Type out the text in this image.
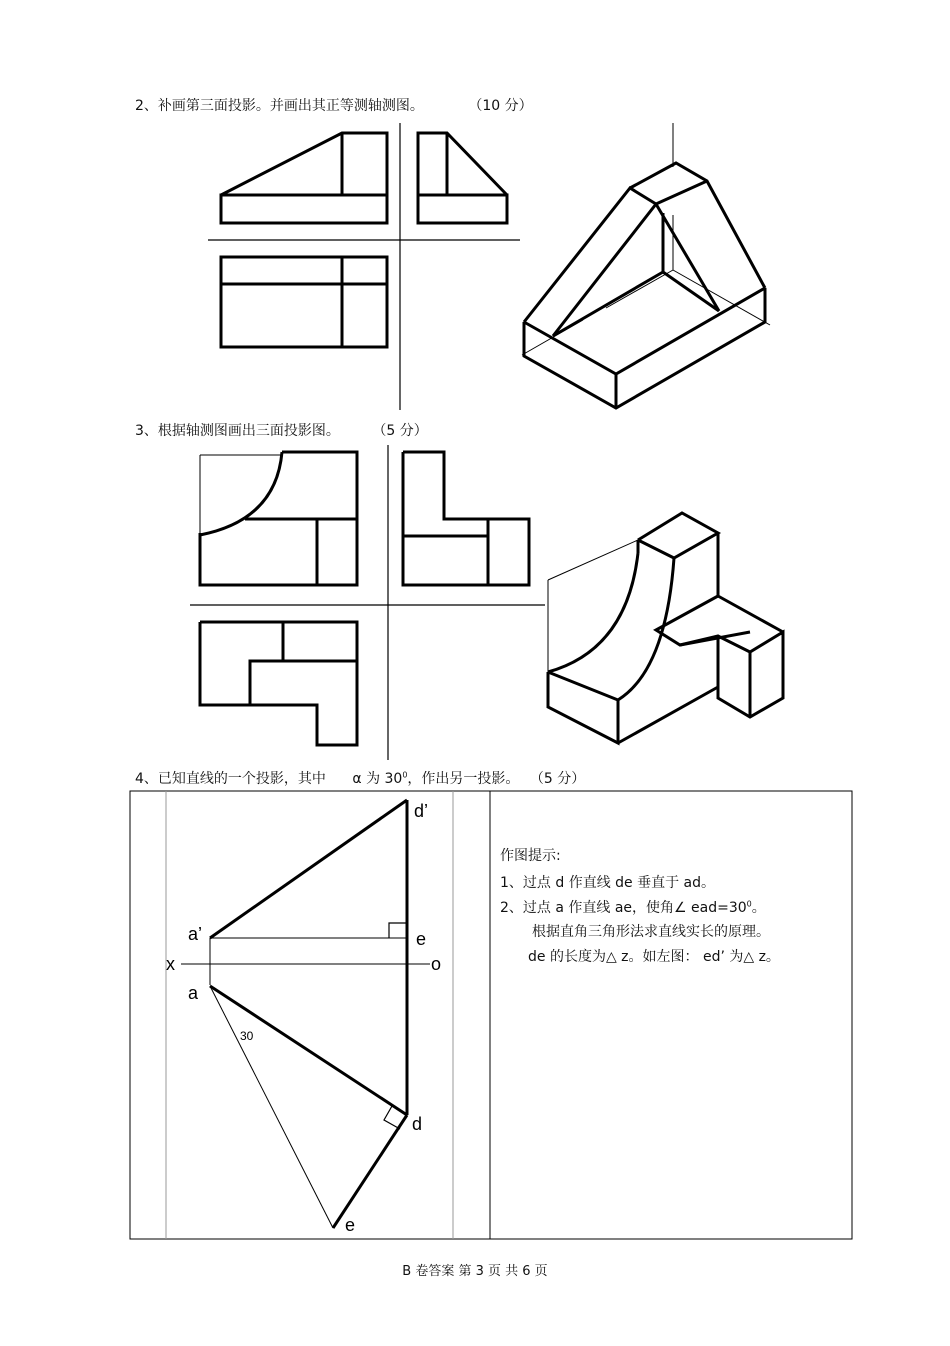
2、补画第三面投影。并画出其正等测轴测图。	（10 分）
3、根据轴测图画出三面投影图。 （5 分）
4、已知直线的一个投影，其中 α 为 $30^0$，作出另一投影。 （5 分）
d’
a’	e
x	o
a
30
d
e
作图提示:
1、过点 d 作直线 de 垂直于 ad。
2、过点 a 作直线 ae，使角∠ $ead=30^0$。
根据直角三角形法求直线实长的原理。
de 的长度为△ z。如左图： ed’ 为△ z。
B 卷答案 第 3 页 共 6 页
